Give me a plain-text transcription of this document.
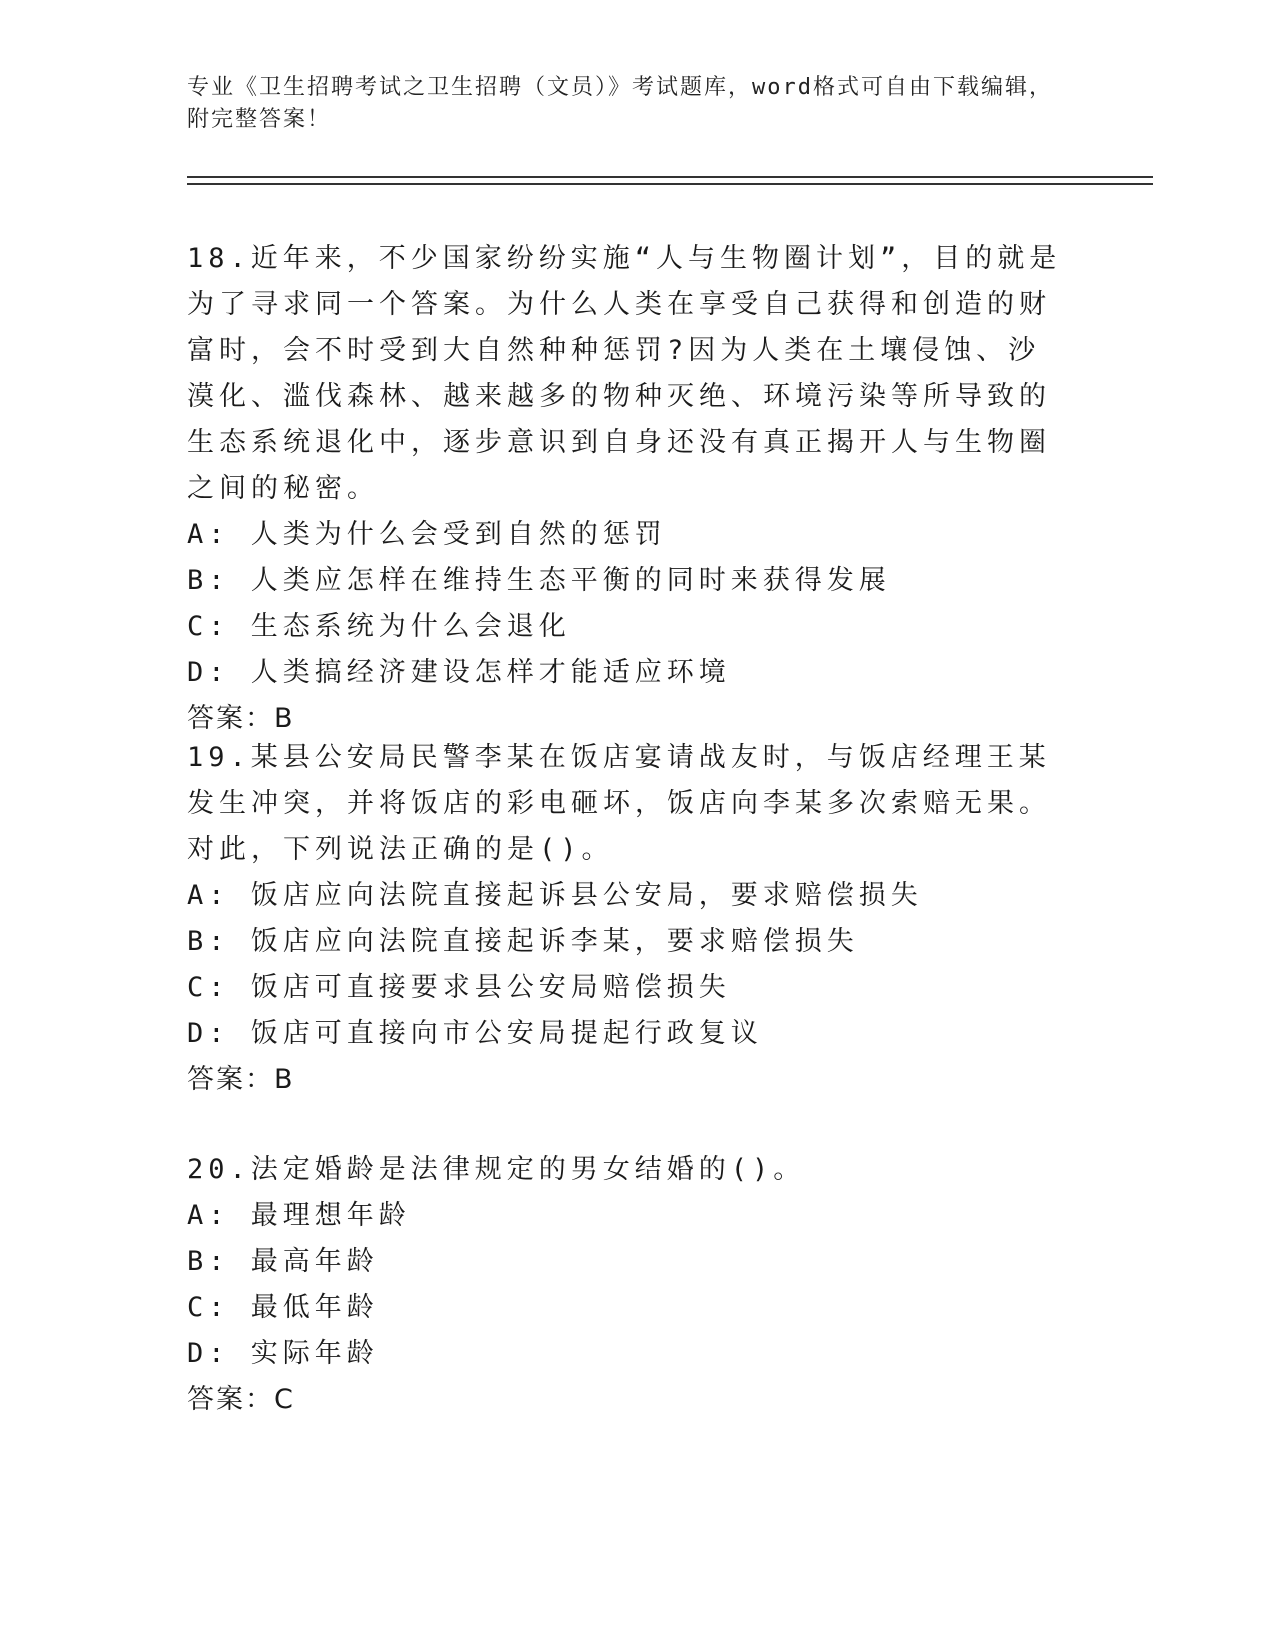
专业《卫生招聘考试之卫生招聘（文员）》考试题库，word格式可自由下载编辑，附完整答案！
18.近年来，不少国家纷纷实施“人与生物圈计划”，目的就是为了寻求同一个答案。为什么人类在享受自己获得和创造的财富时，会不时受到大自然种种惩罚?因为人类在土壤侵蚀、沙漠化、滥伐森林、越来越多的物种灭绝、环境污染等所导致的生态系统退化中，逐步意识到自身还没有真正揭开人与生物圈之间的秘密。
A: 人类为什么会受到自然的惩罚
B: 人类应怎样在维持生态平衡的同时来获得发展
C: 生态系统为什么会退化
D: 人类搞经济建设怎样才能适应环境
答案：B
19.某县公安局民警李某在饭店宴请战友时，与饭店经理王某发生冲突，并将饭店的彩电砸坏，饭店向李某多次索赔无果。对此，下列说法正确的是()。
A: 饭店应向法院直接起诉县公安局，要求赔偿损失
B: 饭店应向法院直接起诉李某，要求赔偿损失
C: 饭店可直接要求县公安局赔偿损失
D: 饭店可直接向市公安局提起行政复议
答案：B
20.法定婚龄是法律规定的男女结婚的()。
A: 最理想年龄
B: 最高年龄
C: 最低年龄
D: 实际年龄
答案：C
